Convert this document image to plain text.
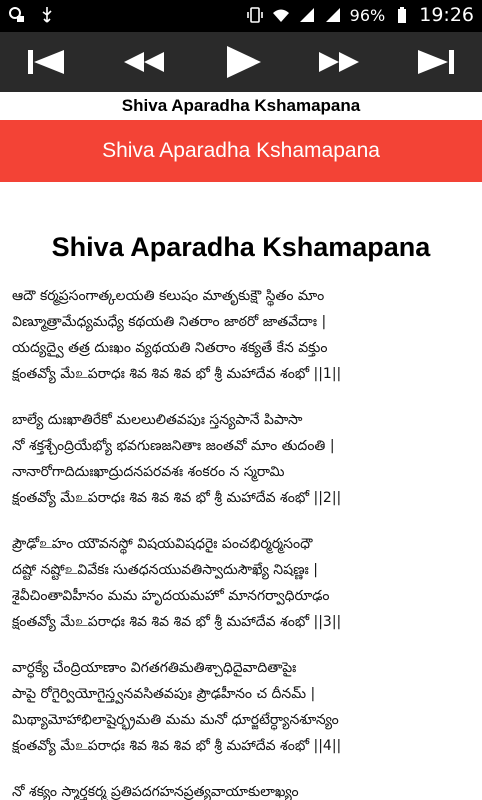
96% 19:26
Shiva Aparadha Kshamapana
Shiva Aparadha Kshamapana
Shiva Aparadha Kshamapana
ఆదౌ కర్మప్రసంగాత్కలయతి కలుషం మాతృకుక్షౌ స్థితం మాం
విణ్మూత్రామేధ్యమధ్యే కథయతి నితరాం జాఠరో జాతవేదాః |
యద్యద్వై తత్ర దుఃఖం వ్యథయతి నితరాం శక్యతే కేన వక్తుం
క్షంతవ్యో మేஉపరాధః శివ శివ శివ భో శ్రీ మహాదేవ శంభో ||1||
బాల్యే దుఃఖాతిరేకో మలలులితవపుః స్తన్యపానే పిపాసా
నో శక్తశ్చేంద్రియేభ్యో భవగుణజనితాః జంతవో మాం తుదంతి |
నానారోగాదిదుఃఖాద్రుదనపరవశః శంకరం న స్మరామి
క్షంతవ్యో మేஉపరాధః శివ శివ శివ భో శ్రీ మహాదేవ శంభో ||2||
ప్రౌఢోஉహం యౌవనస్థో విషయవిషధరైః పంచభిర్మర్మసంధౌ
దష్టో నష్టోஉవివేకః సుతధనయువతిస్వాదుసౌఖ్యే నిషణ్ణః |
శైవీచింతావిహీనం మమ హృదయమహో మానగర్వాధిరూఢం
క్షంతవ్యో మేஉపరాధః శివ శివ శివ భో శ్రీ మహాదేవ శంభో ||3||
వార్ధక్యే చేంద్రియాణాం విగతగతిమతిశ్చాధిదైవాదితాపైః
పాపై రోగైర్వియోగైస్త్వనవసితవపుః ప్రౌఢహీనం చ దీనమ్ |
మిథ్యామోహాభిలాషైర్భ్రమతి మమ మనో ధూర్జటేర్ధ్యానశూన్యం
క్షంతవ్యో మేஉపరాధః శివ శివ శివ భో శ్రీ మహాదేవ శంభో ||4||
నో శక్యం స్మార్తకర్మ ప్రతిపదగహనప్రత్యవాయాకులాఖ్యం
